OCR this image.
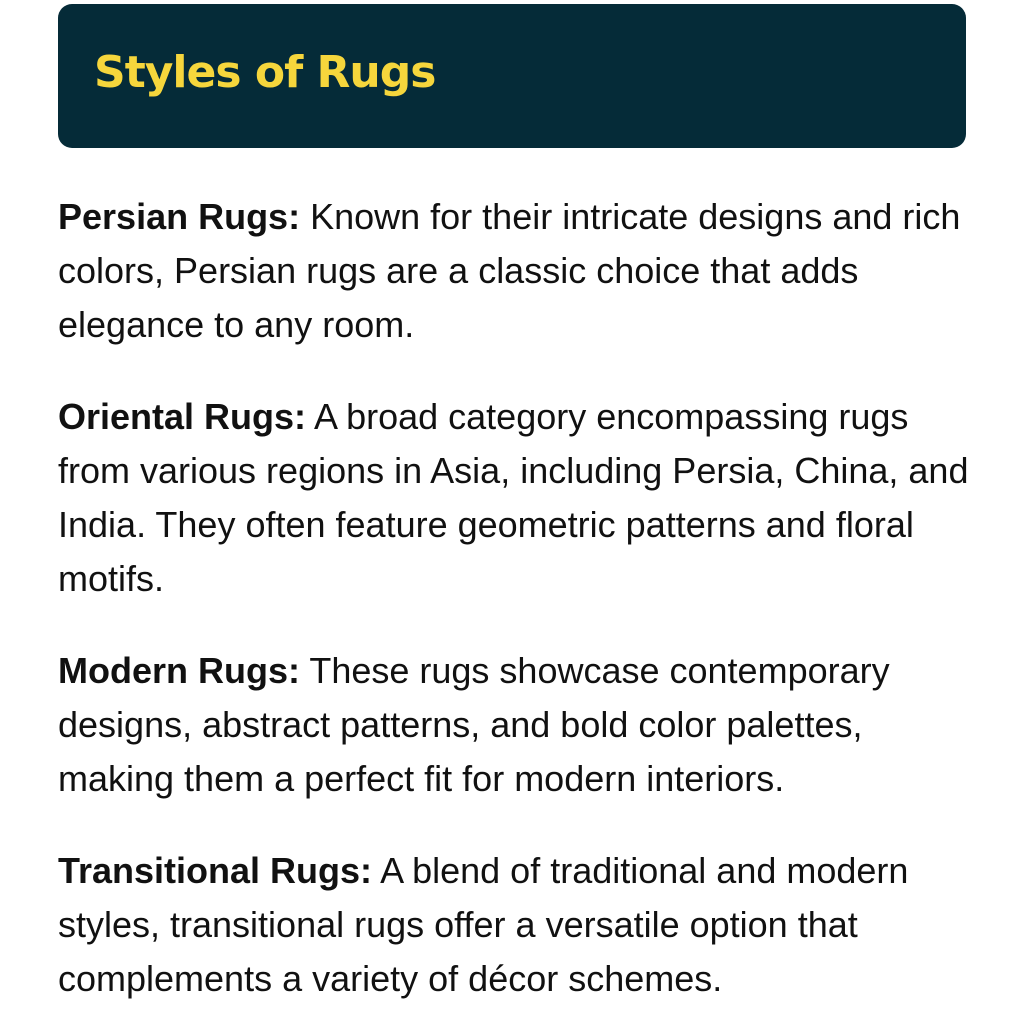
Styles of Rugs

Persian Rugs: Known for their intricate designs and rich colors, Persian rugs are a classic choice that adds elegance to any room.

Oriental Rugs: A broad category encompassing rugs from various regions in Asia, including Persia, China, and India. They often feature geometric patterns and floral motifs.

Modern Rugs: These rugs showcase contemporary designs, abstract patterns, and bold color palettes, making them a perfect fit for modern interiors.

Transitional Rugs: A blend of traditional and modern styles, transitional rugs offer a versatile option that complements a variety of décor schemes.
